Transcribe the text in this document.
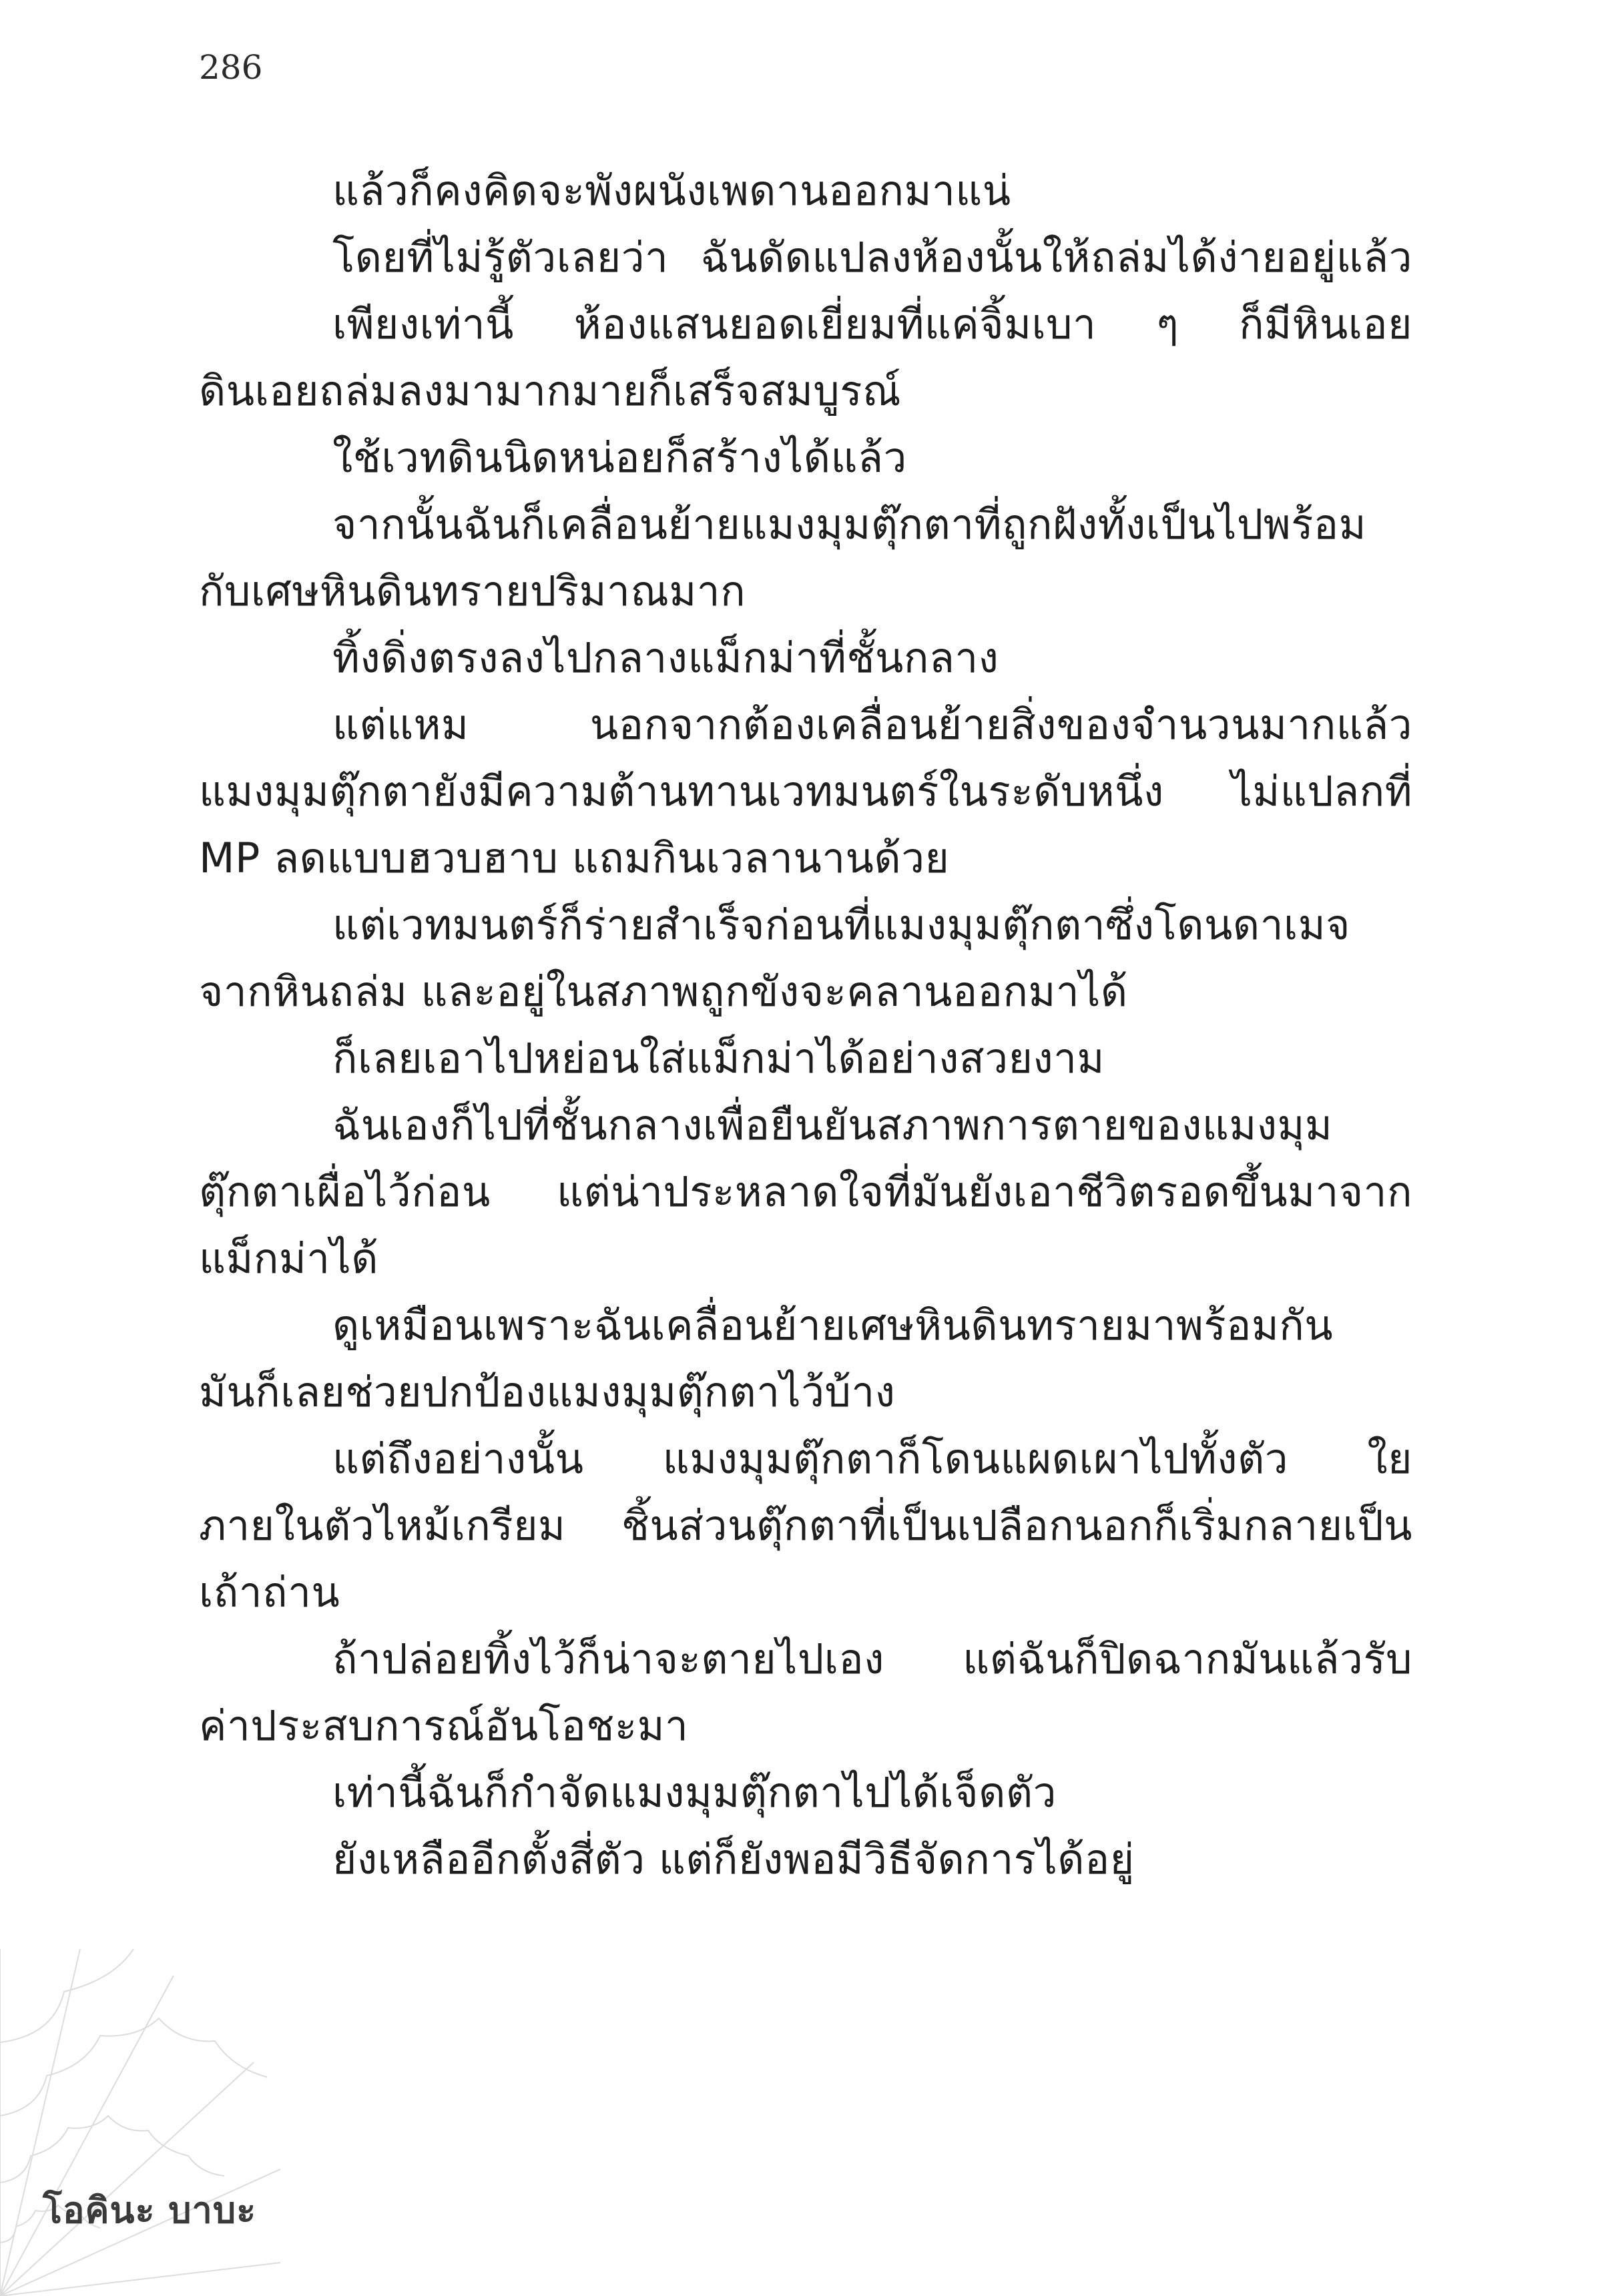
286
แล้วก็คงคิดจะพังผนังเพดานออกมาแน่
โดยที่ไม่รู้ตัวเลยว่า ฉันดัดแปลงห้องนั้นให้ถล่มได้ง่ายอยู่แล้ว
เพียงเท่านี้ ห้องแสนยอดเยี่ยมที่แค่จิ้มเบา ๆ ก็มีหินเอย
ดินเอยถล่มลงมามากมายก็เสร็จสมบูรณ์
ใช้เวทดินนิดหน่อยก็สร้างได้แล้ว
จากนั้นฉันก็เคลื่อนย้ายแมงมุมตุ๊กตาที่ถูกฝังทั้งเป็นไปพร้อม
กับเศษหินดินทรายปริมาณมาก
ทิ้งดิ่งตรงลงไปกลางแม็กม่าที่ชั้นกลาง
แต่แหม นอกจากต้องเคลื่อนย้ายสิ่งของจำนวนมากแล้ว
แมงมุมตุ๊กตายังมีความต้านทานเวทมนตร์ในระดับหนึ่ง ไม่แปลกที่
MP ลดแบบฮวบฮาบ แถมกินเวลานานด้วย
แต่เวทมนตร์ก็ร่ายสำเร็จก่อนที่แมงมุมตุ๊กตาซึ่งโดนดาเมจ
จากหินถล่ม และอยู่ในสภาพถูกขังจะคลานออกมาได้
ก็เลยเอาไปหย่อนใส่แม็กม่าได้อย่างสวยงาม
ฉันเองก็ไปที่ชั้นกลางเพื่อยืนยันสภาพการตายของแมงมุม
ตุ๊กตาเผื่อไว้ก่อน แต่น่าประหลาดใจที่มันยังเอาชีวิตรอดขึ้นมาจาก
แม็กม่าได้
ดูเหมือนเพราะฉันเคลื่อนย้ายเศษหินดินทรายมาพร้อมกัน
มันก็เลยช่วยปกป้องแมงมุมตุ๊กตาไว้บ้าง
แต่ถึงอย่างนั้น แมงมุมตุ๊กตาก็โดนแผดเผาไปทั้งตัว ใย
ภายในตัวไหม้เกรียม ชิ้นส่วนตุ๊กตาที่เป็นเปลือกนอกก็เริ่มกลายเป็น
เถ้าถ่าน
ถ้าปล่อยทิ้งไว้ก็น่าจะตายไปเอง แต่ฉันก็ปิดฉากมันแล้วรับ
ค่าประสบการณ์อันโอชะมา
เท่านี้ฉันก็กำจัดแมงมุมตุ๊กตาไปได้เจ็ดตัว
ยังเหลืออีกตั้งสี่ตัว แต่ก็ยังพอมีวิธีจัดการได้อยู่
โอคินะ บาบะ
